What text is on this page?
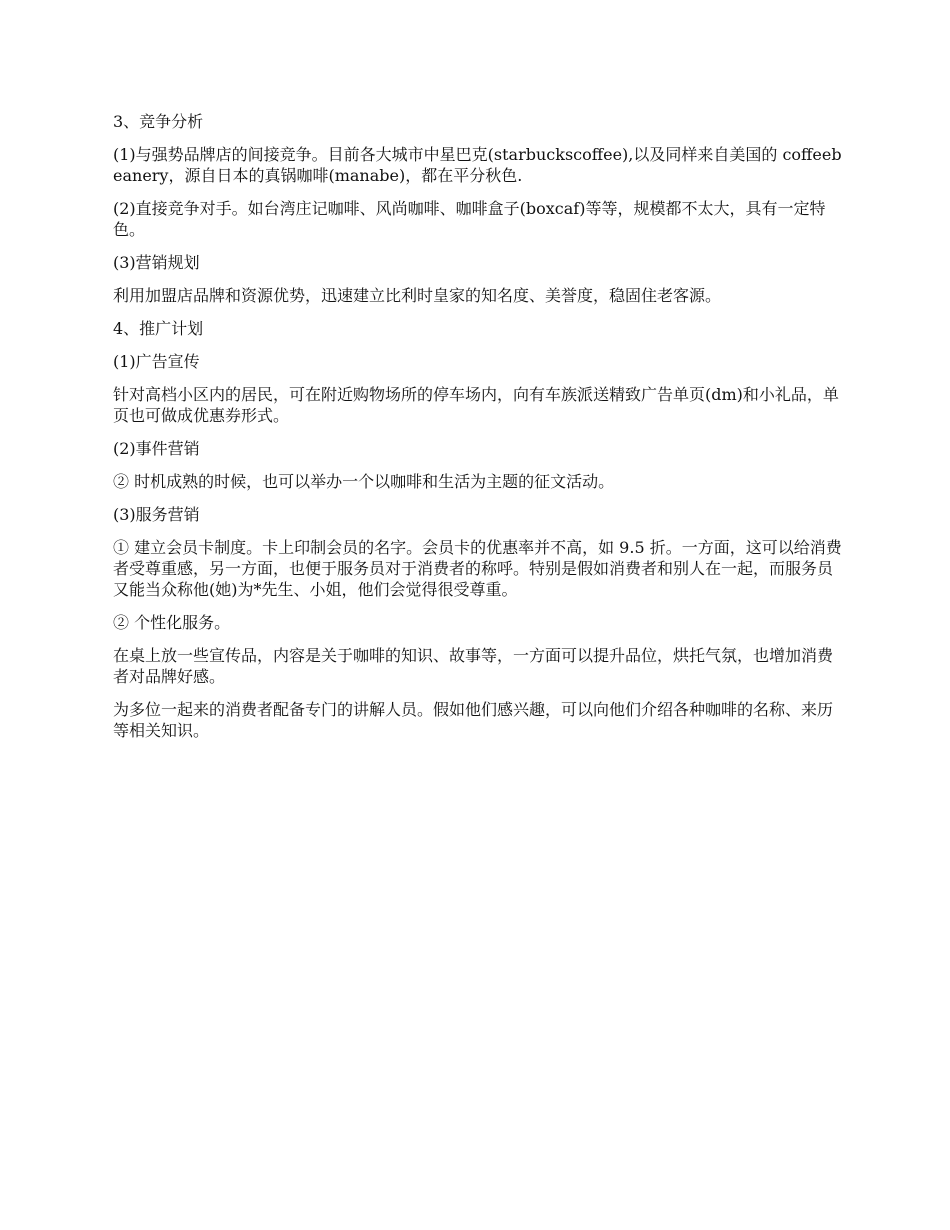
3、竞争分析

(1)与强势品牌店的间接竞争。目前各大城市中星巴克(starbuckscoffee),以及同样来自美国的 coffeebeanery，源自日本的真锅咖啡(manabe)，都在平分秋色.

(2)直接竞争对手。如台湾庄记咖啡、风尚咖啡、咖啡盒子(boxcaf)等等，规模都不太大，具有一定特色。

(3)营销规划

利用加盟店品牌和资源优势，迅速建立比利时皇家的知名度、美誉度，稳固住老客源。

4、推广计划

(1)广告宣传

针对高档小区内的居民，可在附近购物场所的停车场内，向有车族派送精致广告单页(dm)和小礼品，单页也可做成优惠券形式。

(2)事件营销

② 时机成熟的时候，也可以举办一个以咖啡和生活为主题的征文活动。

(3)服务营销

① 建立会员卡制度。卡上印制会员的名字。会员卡的优惠率并不高，如 9.5 折。一方面，这可以给消费者受尊重感，另一方面，也便于服务员对于消费者的称呼。特别是假如消费者和别人在一起，而服务员又能当众称他(她)为*先生、小姐，他们会觉得很受尊重。

② 个性化服务。

在桌上放一些宣传品，内容是关于咖啡的知识、故事等，一方面可以提升品位，烘托气氛，也增加消费者对品牌好感。

为多位一起来的消费者配备专门的讲解人员。假如他们感兴趣，可以向他们介绍各种咖啡的名称、来历等相关知识。
